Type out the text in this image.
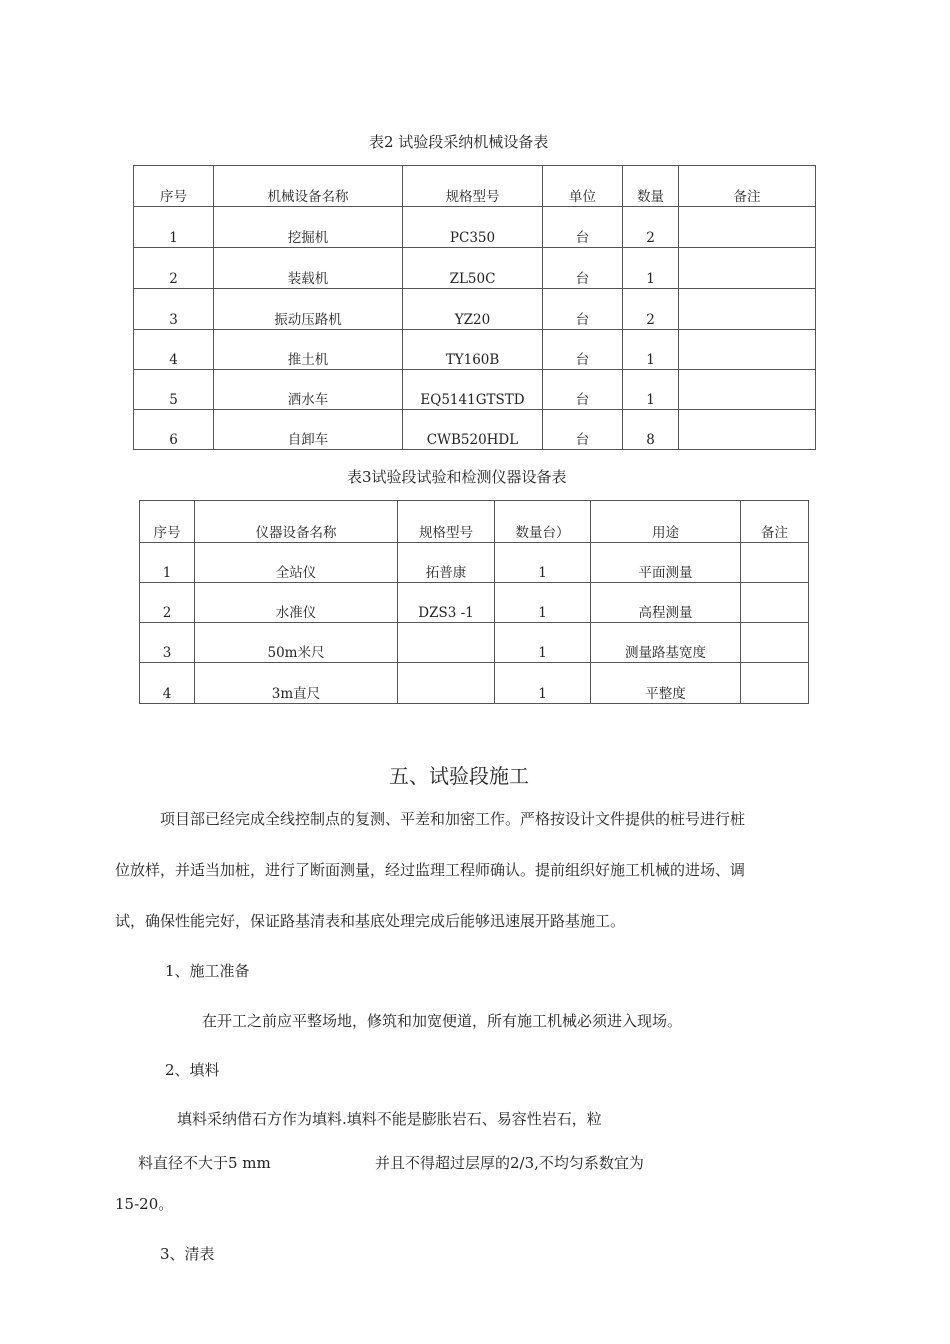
表2 试验段采纳机械设备表
序号	机械设备名称	规格型号	单位	数量	备注
1	挖掘机	PC350	台	2	
2	装载机	ZL50C	台	1	
3	振动压路机	YZ20	台	2	
4	推土机	TY160B	台	1	
5	洒水车	EQ5141GTSTD	台	1	
6	自卸车	CWB520HDL	台	8	
表3试验段试验和检测仪器设备表
序号	仪器设备名称	规格型号	数量台）	用途	备注
1	全站仪	拓普康	1	平面测量	
2	水准仪	DZS3 -1	1	高程测量	
3	50m米尺		1	测量路基宽度	
4	3m直尺		1	平整度	
五、试验段施工
项目部已经完成全线控制点的复测、平差和加密工作。严格按设计文件提供的桩号进行桩
位放样，并适当加桩，进行了断面测量，经过监理工程师确认。提前组织好施工机械的进场、调
试，确保性能完好，保证路基清表和基底处理完成后能够迅速展开路基施工。
1、施工准备
在开工之前应平整场地，修筑和加宽便道，所有施工机械必须进入现场。
2、填料
填料采纳借石方作为填料.填料不能是膨胀岩石、易容性岩石，粒
料直径不大于5 mm	并且不得超过层厚的2/3,不均匀系数宜为
15-20。
3、清表
